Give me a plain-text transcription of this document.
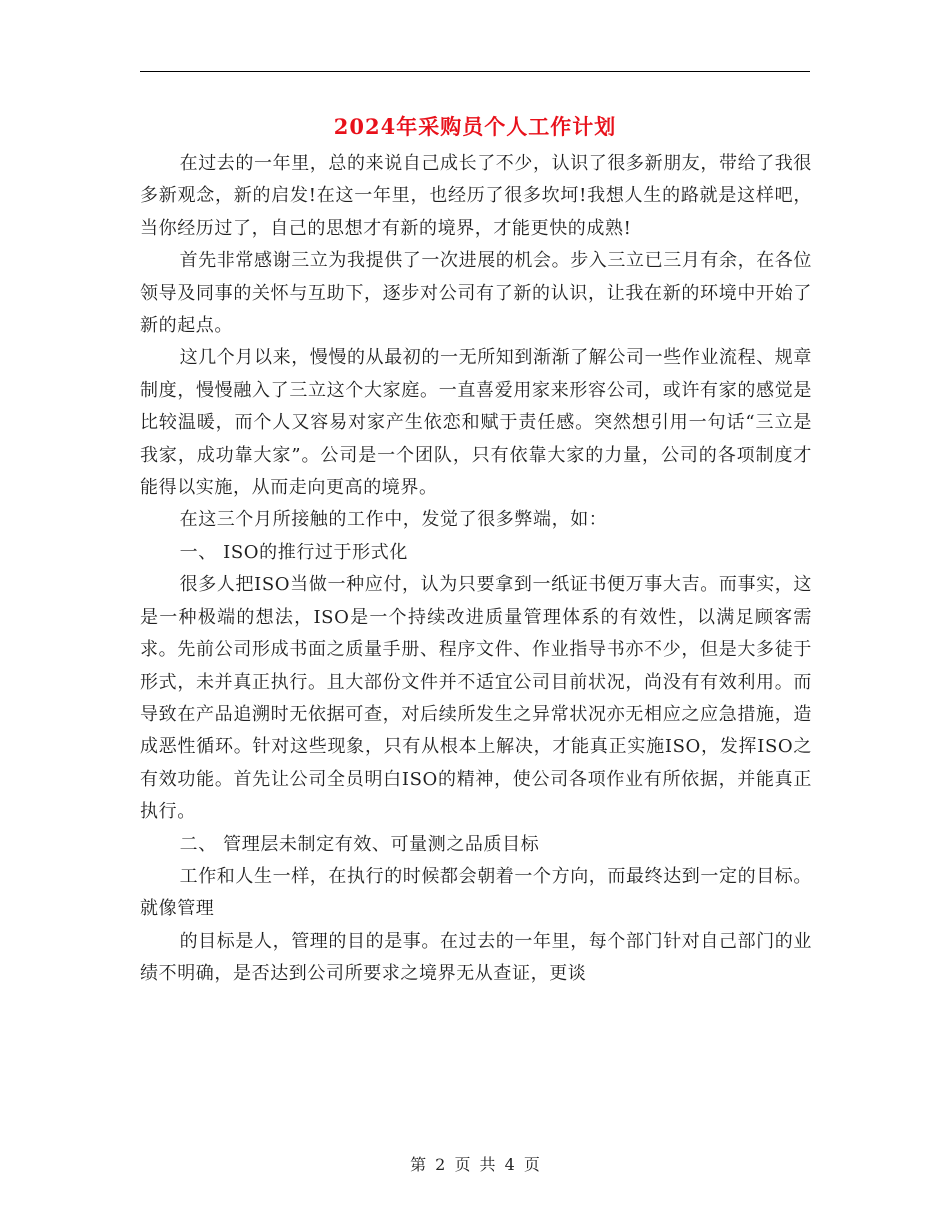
2024年采购员个人工作计划

在过去的一年里，总的来说自己成长了不少，认识了很多新朋友，带给了我很多新观念，新的启发!在这一年里，也经历了很多坎坷!我想人生的路就是这样吧，当你经历过了，自己的思想才有新的境界，才能更快的成熟!

首先非常感谢三立为我提供了一次进展的机会。步入三立已三月有余，在各位领导及同事的关怀与互助下，逐步对公司有了新的认识，让我在新的环境中开始了新的起点。

这几个月以来，慢慢的从最初的一无所知到渐渐了解公司一些作业流程、规章制度，慢慢融入了三立这个大家庭。一直喜爱用家来形容公司，或许有家的感觉是比较温暖，而个人又容易对家产生依恋和赋于责任感。突然想引用一句话“三立是我家，成功靠大家”。公司是一个团队，只有依靠大家的力量，公司的各项制度才能得以实施，从而走向更高的境界。

在这三个月所接触的工作中，发觉了很多弊端，如：

一、 ISO的推行过于形式化

很多人把ISO当做一种应付，认为只要拿到一纸证书便万事大吉。而事实，这是一种极端的想法，ISO是一个持续改进质量管理体系的有效性，以满足顾客需求。先前公司形成书面之质量手册、程序文件、作业指导书亦不少，但是大多徒于形式，未并真正执行。且大部份文件并不适宜公司目前状况，尚没有有效利用。而导致在产品追溯时无依据可查，对后续所发生之异常状况亦无相应之应急措施，造成恶性循环。针对这些现象，只有从根本上解决，才能真正实施ISO，发挥ISO之有效功能。首先让公司全员明白ISO的精神，使公司各项作业有所依据，并能真正执行。

二、 管理层未制定有效、可量测之品质目标

工作和人生一样，在执行的时候都会朝着一个方向，而最终达到一定的目标。就像管理

的目标是人，管理的目的是事。在过去的一年里，每个部门针对自己部门的业绩不明确，是否达到公司所要求之境界无从查证，更谈

第 2 页 共 4 页
